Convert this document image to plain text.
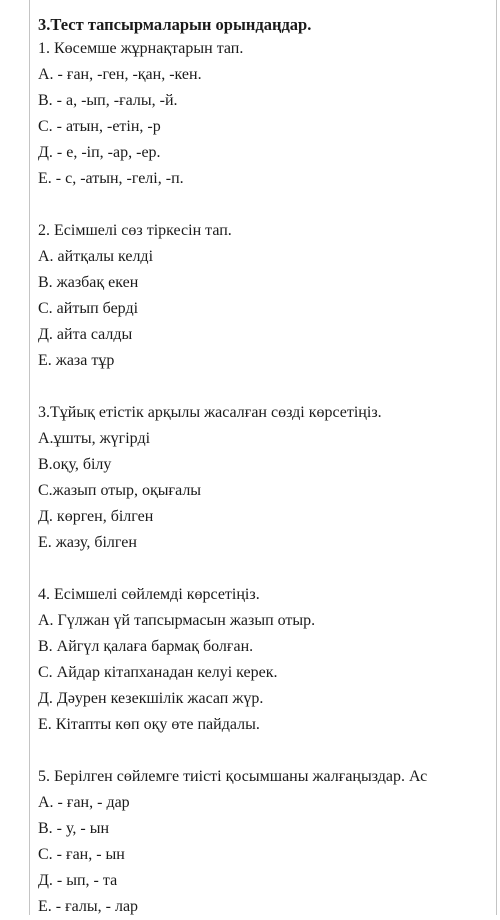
3.Тест тапсырмаларын орындаңдар.
1. Көсемше жұрнақтарын тап.
А. - ған, -ген, -қан, -кен.
В. - а, -ып, -ғалы, -й.
С. - атын, -етін, -р
Д. - е, -іп, -ар, -ер.
Е. - с, -атын, -гелі, -п.
2. Есімшелі сөз тіркесін тап.
А. айтқалы келді
В. жазбақ екен
С. айтып берді
Д. айта салды
Е. жаза тұр
3.Тұйық етістік арқылы жасалған сөзді көрсетіңіз.
А.ұшты, жүгірді
В.оқу, білу
С.жазып отыр, оқығалы
Д. көрген, білген
Е. жазу, білген
4. Есімшелі сөйлемді көрсетіңіз.
А. Гүлжан үй тапсырмасын жазып отыр.
В. Айгүл қалаға бармақ болған.
С. Айдар кітапханадан келуі керек.
Д. Дәурен кезекшілік жасап жүр.
Е. Кітапты көп оқу өте пайдалы.
5. Берілген сөйлемге тиісті қосымшаны жалғаңыздар. Ас
А. - ған, - дар
В. - у, - ын
С. - ған, - ын
Д. - ып, - та
Е. - ғалы, - лар
